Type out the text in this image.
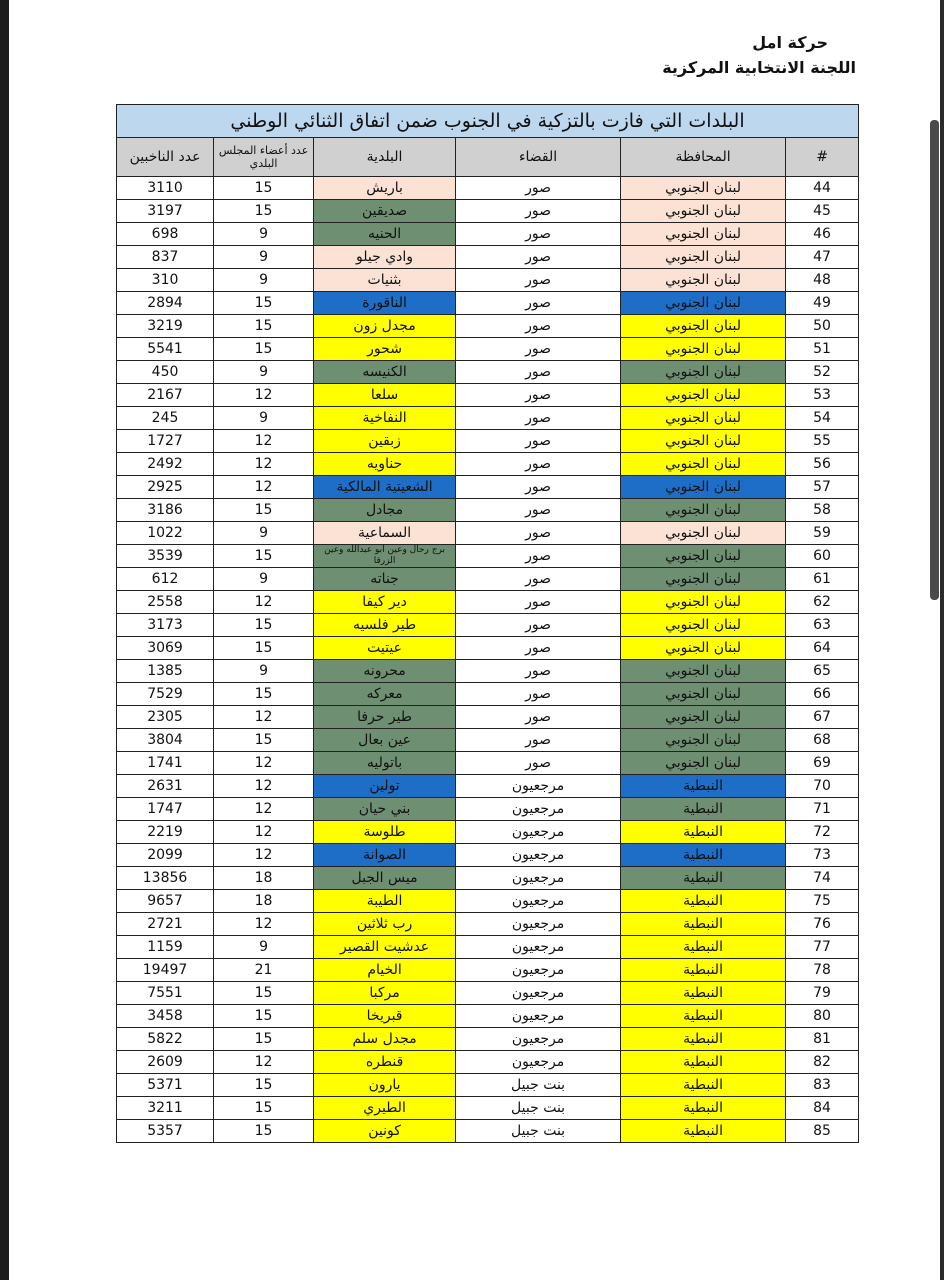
حركة امل
اللجنة الانتخابية المركزية
البلدات التي فازت بالتزكية في الجنوب ضمن اتفاق الثنائي الوطني					
#	المحافظة	القضاء	البلدية	عدد أعضاء المجلس البلدي	عدد الناخبين
44	لبنان الجنوبي	صور	باريش	15	3110
45	لبنان الجنوبي	صور	صديقين	15	3197
46	لبنان الجنوبي	صور	الحنيه	9	698
47	لبنان الجنوبي	صور	وادي جيلو	9	837
48	لبنان الجنوبي	صور	بثنيات	9	310
49	لبنان الجنوبي	صور	الناقورة	15	2894
50	لبنان الجنوبي	صور	مجدل زون	15	3219
51	لبنان الجنوبي	صور	شحور	15	5541
52	لبنان الجنوبي	صور	الكنيسه	9	450
53	لبنان الجنوبي	صور	سلعا	12	2167
54	لبنان الجنوبي	صور	النفاخية	9	245
55	لبنان الجنوبي	صور	زبقين	12	1727
56	لبنان الجنوبي	صور	حناويه	12	2492
57	لبنان الجنوبي	صور	الشعيتية المالكية	12	2925
58	لبنان الجنوبي	صور	مجادل	15	3186
59	لبنان الجنوبي	صور	السماعية	9	1022
60	لبنان الجنوبي	صور	برج رحال وعين أبو عبدالله وعين الزرقا	15	3539
61	لبنان الجنوبي	صور	جناته	9	612
62	لبنان الجنوبي	صور	دير كيفا	12	2558
63	لبنان الجنوبي	صور	طير فلسيه	15	3173
64	لبنان الجنوبي	صور	عيتيت	15	3069
65	لبنان الجنوبي	صور	محرونه	9	1385
66	لبنان الجنوبي	صور	معركه	15	7529
67	لبنان الجنوبي	صور	طير حرفا	12	2305
68	لبنان الجنوبي	صور	عين بعال	15	3804
69	لبنان الجنوبي	صور	باتوليه	12	1741
70	النبطية	مرجعيون	تولين	12	2631
71	النبطية	مرجعيون	بني حيان	12	1747
72	النبطية	مرجعيون	طلوسة	12	2219
73	النبطية	مرجعيون	الصوانة	12	2099
74	النبطية	مرجعيون	ميس الجبل	18	13856
75	النبطية	مرجعيون	الطيبة	18	9657
76	النبطية	مرجعيون	رب ثلاثين	12	2721
77	النبطية	مرجعيون	عدشيت القصير	9	1159
78	النبطية	مرجعيون	الخيام	21	19497
79	النبطية	مرجعيون	مركبا	15	7551
80	النبطية	مرجعيون	قبريخا	15	3458
81	النبطية	مرجعيون	مجدل سلم	15	5822
82	النبطية	مرجعيون	قنطره	12	2609
83	النبطية	بنت جبيل	يارون	15	5371
84	النبطية	بنت جبيل	الطيري	15	3211
85	النبطية	بنت جبيل	كونين	15	5357
